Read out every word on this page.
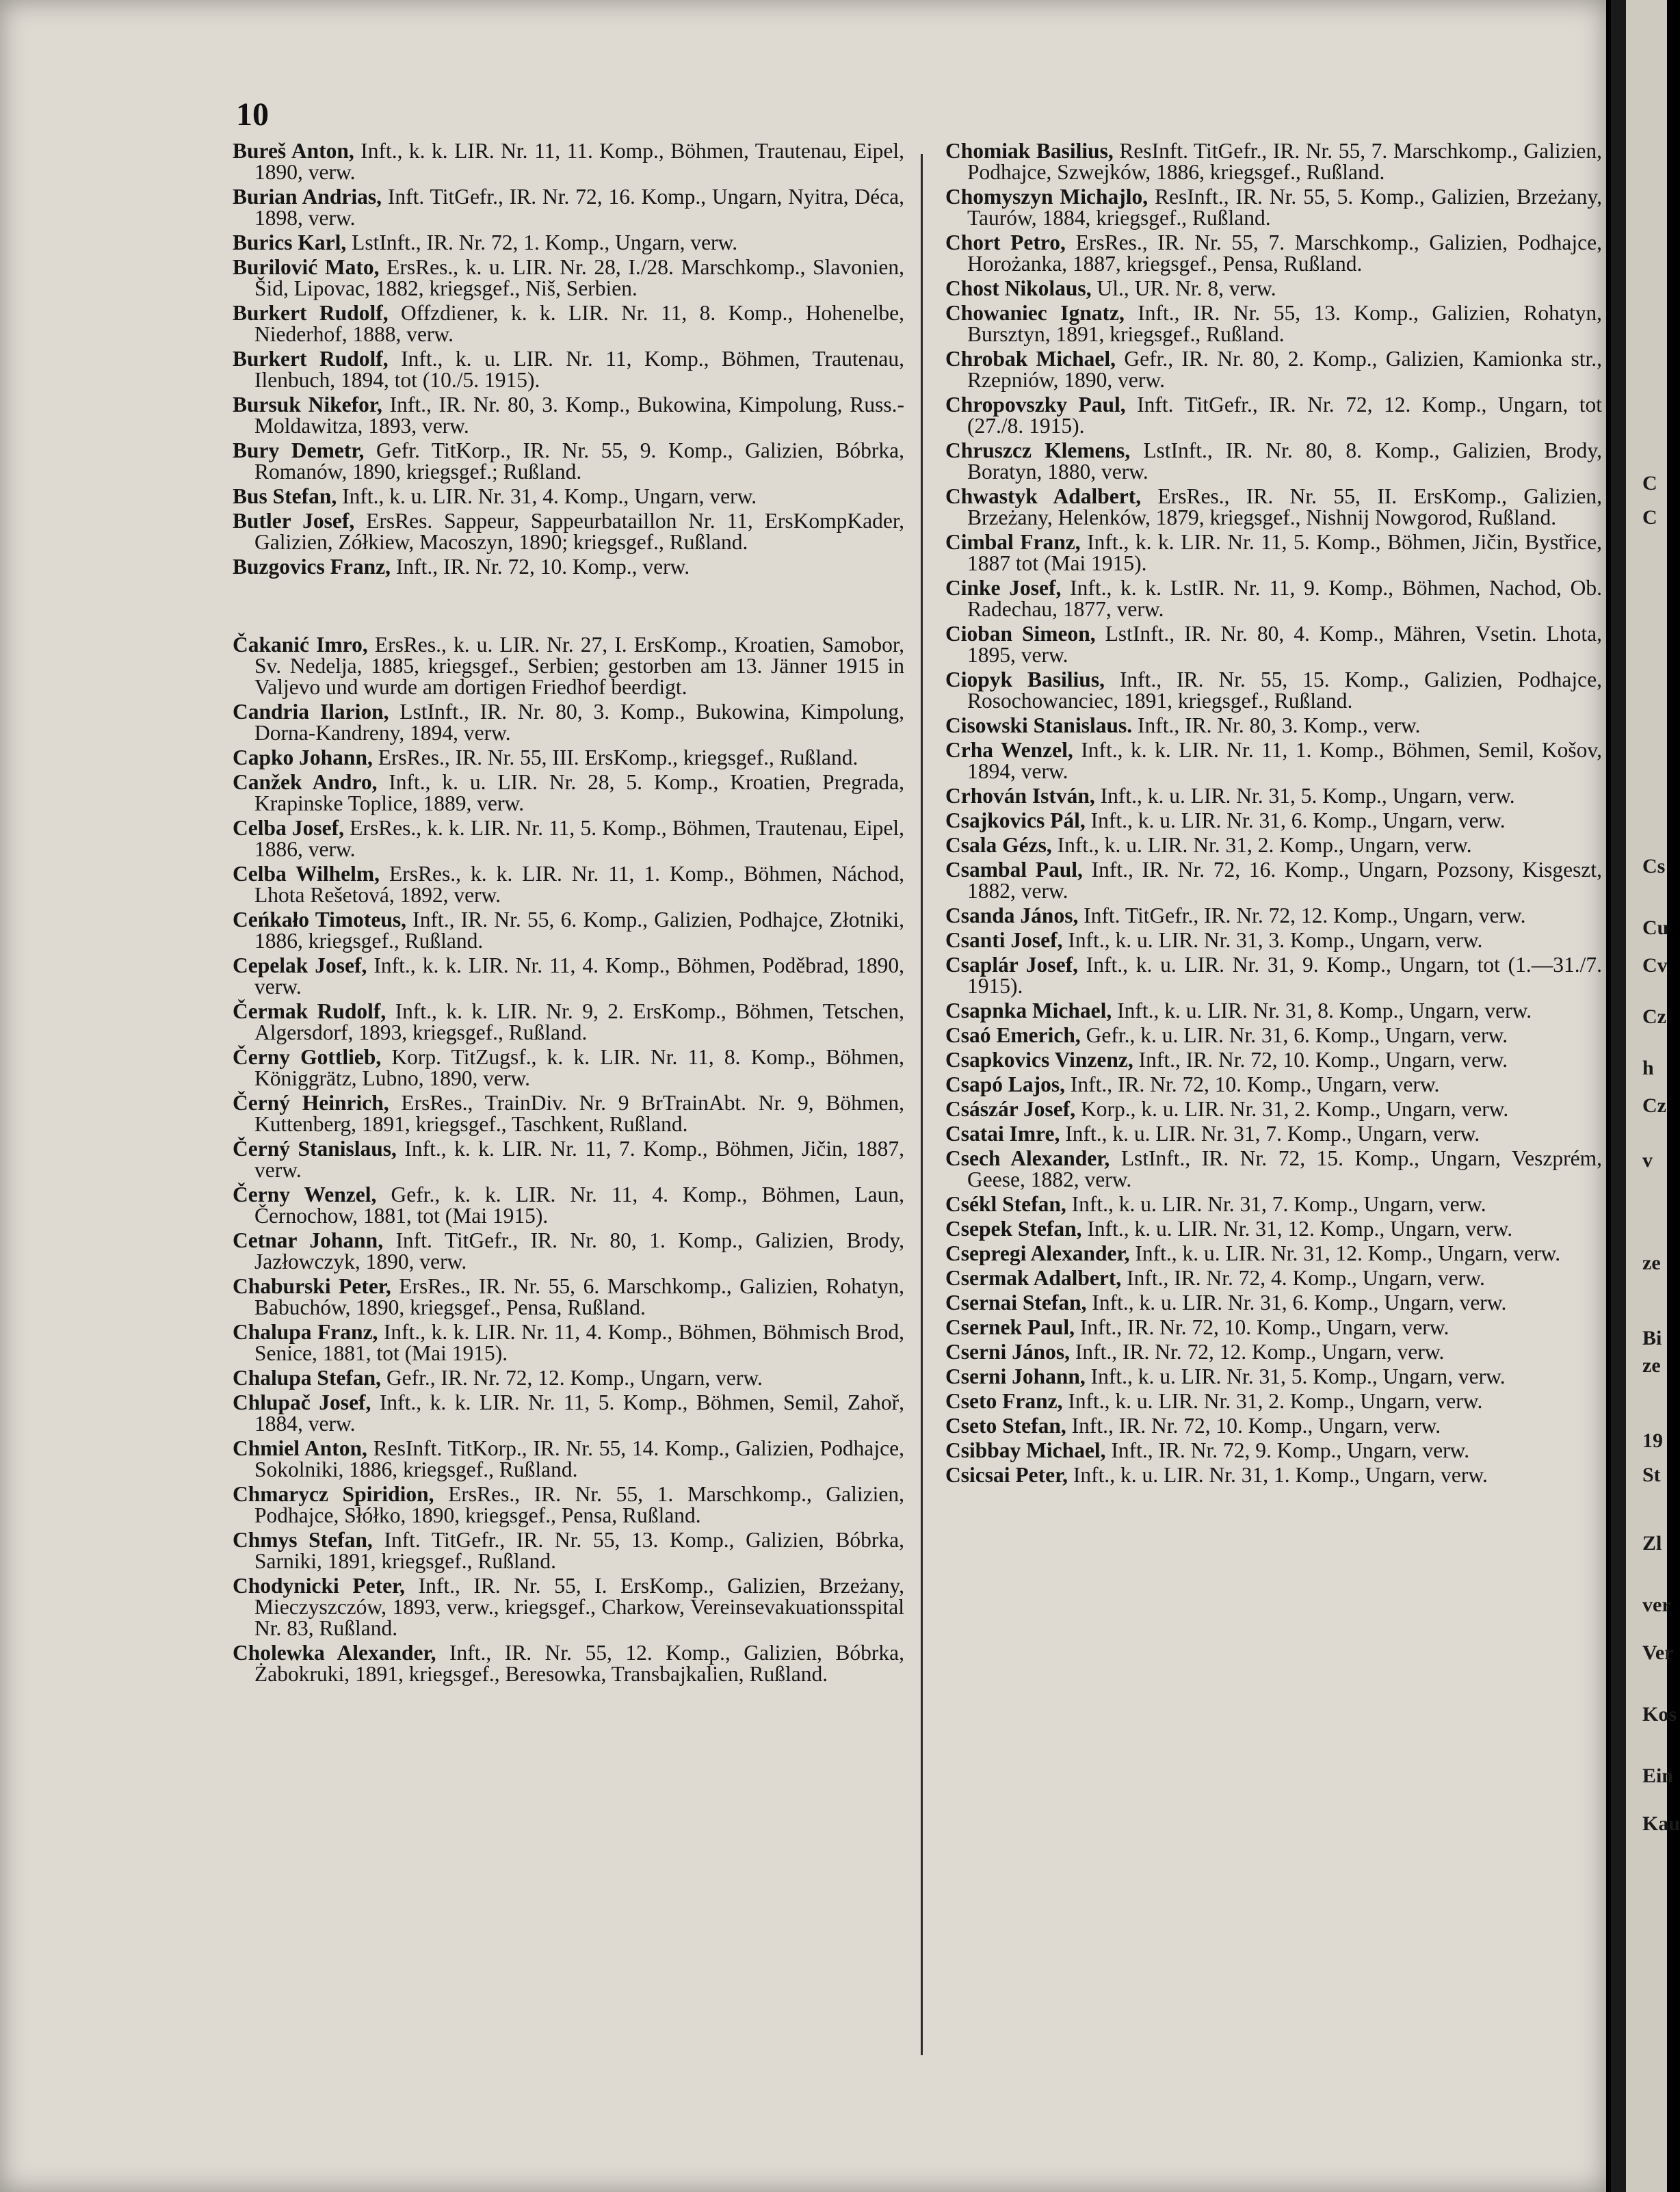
10

Bureš Anton, Inft., k. k. LIR. Nr. 11, 11. Komp., Böhmen, Trautenau, Eipel, 1890, verw.

Burian Andrias, Inft. TitGefr., IR. Nr. 72, 16. Komp., Ungarn, Nyitra, Déca, 1898, verw.

Burics Karl, LstInft., IR. Nr. 72, 1. Komp., Ungarn, verw.

Burilović Mato, ErsRes., k. u. LIR. Nr. 28, I./28. Marschkomp., Slavonien, Šid, Lipovac, 1882, kriegsgef., Niš, Serbien.

Burkert Rudolf, Offzdiener, k. k. LIR. Nr. 11, 8. Komp., Hohenelbe, Niederhof, 1888, verw.

Burkert Rudolf, Inft., k. u. LIR. Nr. 11, Komp., Böhmen, Trautenau, Ilenbuch, 1894, tot (10./5. 1915).

Bursuk Nikefor, Inft., IR. Nr. 80, 3. Komp., Bukowina, Kimpolung, Russ.-Moldawitza, 1893, verw.

Bury Demetr, Gefr. TitKorp., IR. Nr. 55, 9. Komp., Galizien, Bóbrka, Romanów, 1890, kriegsgef.; Rußland.

Bus Stefan, Inft., k. u. LIR. Nr. 31, 4. Komp., Ungarn, verw.

Butler Josef, ErsRes. Sappeur, Sappeurbataillon Nr. 11, ErsKompKader, Galizien, Zółkiew, Macoszyn, 1890; kriegsgef., Rußland.

Buzgovics Franz, Inft., IR. Nr. 72, 10. Komp., verw.

Čakanić Imro, ErsRes., k. u. LIR. Nr. 27, I. ErsKomp., Kroatien, Samobor, Sv. Nedelja, 1885, kriegsgef., Serbien; gestorben am 13. Jänner 1915 in Valjevo und wurde am dortigen Friedhof beerdigt.

Candria Ilarion, LstInft., IR. Nr. 80, 3. Komp., Bukowina, Kimpolung, Dorna-Kandreny, 1894, verw.

Capko Johann, ErsRes., IR. Nr. 55, III. ErsKomp., kriegsgef., Rußland.

Canžek Andro, Inft., k. u. LIR. Nr. 28, 5. Komp., Kroatien, Pregrada, Krapinske Toplice, 1889, verw.

Celba Josef, ErsRes., k. k. LIR. Nr. 11, 5. Komp., Böhmen, Trautenau, Eipel, 1886, verw.

Celba Wilhelm, ErsRes., k. k. LIR. Nr. 11, 1. Komp., Böhmen, Náchod, Lhota Rešetová, 1892, verw.

Ceńkało Timoteus, Inft., IR. Nr. 55, 6. Komp., Galizien, Podhajce, Złotniki, 1886, kriegsgef., Rußland.

Cepelak Josef, Inft., k. k. LIR. Nr. 11, 4. Komp., Böhmen, Poděbrad, 1890, verw.

Čermak Rudolf, Inft., k. k. LIR. Nr. 9, 2. ErsKomp., Böhmen, Tetschen, Algersdorf, 1893, kriegsgef., Rußland.

Černy Gottlieb, Korp. TitZugsf., k. k. LIR. Nr. 11, 8. Komp., Böhmen, Königgrätz, Lubno, 1890, verw.

Černý Heinrich, ErsRes., TrainDiv. Nr. 9 BrTrainAbt. Nr. 9, Böhmen, Kuttenberg, 1891, kriegsgef., Taschkent, Rußland.

Černý Stanislaus, Inft., k. k. LIR. Nr. 11, 7. Komp., Böhmen, Jičin, 1887, verw.

Černy Wenzel, Gefr., k. k. LIR. Nr. 11, 4. Komp., Böhmen, Laun, Černochow, 1881, tot (Mai 1915).

Cetnar Johann, Inft. TitGefr., IR. Nr. 80, 1. Komp., Galizien, Brody, Jazłowczyk, 1890, verw.

Chaburski Peter, ErsRes., IR. Nr. 55, 6. Marschkomp., Galizien, Rohatyn, Babuchów, 1890, kriegsgef., Pensa, Rußland.

Chalupa Franz, Inft., k. k. LIR. Nr. 11, 4. Komp., Böhmen, Böhmisch Brod, Senice, 1881, tot (Mai 1915).

Chalupa Stefan, Gefr., IR. Nr. 72, 12. Komp., Ungarn, verw.

Chlupač Josef, Inft., k. k. LIR. Nr. 11, 5. Komp., Böhmen, Semil, Zahoř, 1884, verw.

Chmiel Anton, ResInft. TitKorp., IR. Nr. 55, 14. Komp., Galizien, Podhajce, Sokolniki, 1886, kriegsgef., Rußland.

Chmarycz Spiridion, ErsRes., IR. Nr. 55, 1. Marschkomp., Galizien, Podhajce, Słółko, 1890, kriegsgef., Pensa, Rußland.

Chmys Stefan, Inft. TitGefr., IR. Nr. 55, 13. Komp., Galizien, Bóbrka, Sarniki, 1891, kriegsgef., Rußland.

Chodynicki Peter, Inft., IR. Nr. 55, I. ErsKomp., Galizien, Brzeżany, Mieczyszczów, 1893, verw., kriegsgef., Charkow, Vereinsevakuationsspital Nr. 83, Rußland.

Cholewka Alexander, Inft., IR. Nr. 55, 12. Komp., Galizien, Bóbrka, Żabokruki, 1891, kriegsgef., Beresowka, Transbajkalien, Rußland.

Chomiak Basilius, ResInft. TitGefr., IR. Nr. 55, 7. Marschkomp., Galizien, Podhajce, Szwejków, 1886, kriegsgef., Rußland.

Chomyszyn Michajlo, ResInft., IR. Nr. 55, 5. Komp., Galizien, Brzeżany, Taurów, 1884, kriegsgef., Rußland.

Chort Petro, ErsRes., IR. Nr. 55, 7. Marschkomp., Galizien, Podhajce, Horożanka, 1887, kriegsgef., Pensa, Rußland.

Chost Nikolaus, Ul., UR. Nr. 8, verw.

Chowaniec Ignatz, Inft., IR. Nr. 55, 13. Komp., Galizien, Rohatyn, Bursztyn, 1891, kriegsgef., Rußland.

Chrobak Michael, Gefr., IR. Nr. 80, 2. Komp., Galizien, Kamionka str., Rzepniów, 1890, verw.

Chropovszky Paul, Inft. TitGefr., IR. Nr. 72, 12. Komp., Ungarn, tot (27./8. 1915).

Chruszcz Klemens, LstInft., IR. Nr. 80, 8. Komp., Galizien, Brody, Boratyn, 1880, verw.

Chwastyk Adalbert, ErsRes., IR. Nr. 55, II. ErsKomp., Galizien, Brzeżany, Helenków, 1879, kriegsgef., Nishnij Nowgorod, Rußland.

Cimbal Franz, Inft., k. k. LIR. Nr. 11, 5. Komp., Böhmen, Jičin, Bystřice, 1887 tot (Mai 1915).

Cinke Josef, Inft., k. k. LstIR. Nr. 11, 9. Komp., Böhmen, Nachod, Ob. Radechau, 1877, verw.

Cioban Simeon, LstInft., IR. Nr. 80, 4. Komp., Mähren, Vsetin. Lhota, 1895, verw.

Ciopyk Basilius, Inft., IR. Nr. 55, 15. Komp., Galizien, Podhajce, Rosochowanciec, 1891, kriegsgef., Rußland.

Cisowski Stanislaus. Inft., IR. Nr. 80, 3. Komp., verw.

Crha Wenzel, Inft., k. k. LIR. Nr. 11, 1. Komp., Böhmen, Semil, Košov, 1894, verw.

Crhován István, Inft., k. u. LIR. Nr. 31, 5. Komp., Ungarn, verw.

Csajkovics Pál, Inft., k. u. LIR. Nr. 31, 6. Komp., Ungarn, verw.

Csala Gézs, Inft., k. u. LIR. Nr. 31, 2. Komp., Ungarn, verw.

Csambal Paul, Inft., IR. Nr. 72, 16. Komp., Ungarn, Pozsony, Kisgeszt, 1882, verw.

Csanda János, Inft. TitGefr., IR. Nr. 72, 12. Komp., Ungarn, verw.

Csanti Josef, Inft., k. u. LIR. Nr. 31, 3. Komp., Ungarn, verw.

Csaplár Josef, Inft., k. u. LIR. Nr. 31, 9. Komp., Ungarn, tot (1.—31./7. 1915).

Csapnka Michael, Inft., k. u. LIR. Nr. 31, 8. Komp., Ungarn, verw.

Csaó Emerich, Gefr., k. u. LIR. Nr. 31, 6. Komp., Ungarn, verw.

Csapkovics Vinzenz, Inft., IR. Nr. 72, 10. Komp., Ungarn, verw.

Csapó Lajos, Inft., IR. Nr. 72, 10. Komp., Ungarn, verw.

Császár Josef, Korp., k. u. LIR. Nr. 31, 2. Komp., Ungarn, verw.

Csatai Imre, Inft., k. u. LIR. Nr. 31, 7. Komp., Ungarn, verw.

Csech Alexander, LstInft., IR. Nr. 72, 15. Komp., Ungarn, Veszprém, Geese, 1882, verw.

Csékl Stefan, Inft., k. u. LIR. Nr. 31, 7. Komp., Ungarn, verw.

Csepek Stefan, Inft., k. u. LIR. Nr. 31, 12. Komp., Ungarn, verw.

Csepregi Alexander, Inft., k. u. LIR. Nr. 31, 12. Komp., Ungarn, verw.

Csermak Adalbert, Inft., IR. Nr. 72, 4. Komp., Ungarn, verw.

Csernai Stefan, Inft., k. u. LIR. Nr. 31, 6. Komp., Ungarn, verw.

Csernek Paul, Inft., IR. Nr. 72, 10. Komp., Ungarn, verw.

Cserni János, Inft., IR. Nr. 72, 12. Komp., Ungarn, verw.

Cserni Johann, Inft., k. u. LIR. Nr. 31, 5. Komp., Ungarn, verw.

Cseto Franz, Inft., k. u. LIR. Nr. 31, 2. Komp., Ungarn, verw.

Cseto Stefan, Inft., IR. Nr. 72, 10. Komp., Ungarn, verw.

Csibbay Michael, Inft., IR. Nr. 72, 9. Komp., Ungarn, verw.

Csicsai Peter, Inft., k. u. LIR. Nr. 31, 1. Komp., Ungarn, verw.

C
C
Cs
Cu
Cv
Cz
h
Cz
v
ze
Bi
ze
19
St
Zl
ver
Ver
Kos
Ein
Kau
